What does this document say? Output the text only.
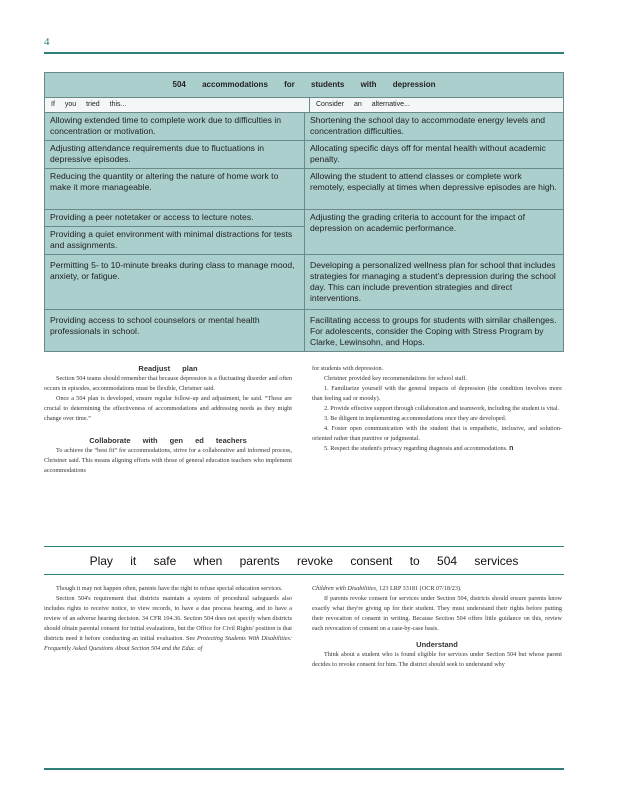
4
504 accommodations for students with depression
If you tried this...	Consider an alternative...
Allowing extended time to complete work due to difficulties in concentration or motivation.
Shortening the school day to accommodate energy levels and concentration difficulties.
Adjusting attendance requirements due to fluctuations in depressive episodes.
Allocating specific days off for mental health without academic penalty.
Reducing the quantity or altering the nature of home work to make it more manageable.
Allowing the student to attend classes or complete work remotely, especially at times when depressive episodes are high.
Providing a peer notetaker or access to lecture notes.	Adjusting the grading criteria to account for the impact of depression on academic performance.
Providing a quiet environment with minimal distractions for tests and assignments.
Permitting 5- to 10-minute breaks during class to manage mood, anxiety, or fatigue.
Developing a personalized wellness plan for school that includes strategies for managing a student's depression during the school day. This can include prevention strategies and direct interventions.
Providing access to school counselors or mental health professionals in school.
Facilitating access to groups for students with similar challenges. For adolescents, consider the Coping with Stress Program by Clarke, Lewinsohn, and Hops.

Readjust plan

Section 504 teams should remember that because depression is a fluctuating disorder and often occurs in episodes, accommodations must be flexible, Christner said.

Once a 504 plan is developed, ensure regular follow-up and adjustment, he said. “These are crucial to determining the effectiveness of accommodations and addressing needs as they might change over time.”

Collaborate with gen ed teachers

To achieve the “best fit” for accommodations, strive for a collaborative and informed process, Christner said. This means aligning efforts with those of general education teachers who implement accommodations

for students with depression.

Christner provided key recommendations for school staff.

1. Familiarize yourself with the general impacts of depression (the condition involves more than feeling sad or moody).

2. Provide effective support through collaboration and teamwork, including the student is vital.

3. Be diligent in implementing accommodations once they are developed.

4. Foster open communication with the student that is empathetic, inclusive, and solution-oriented rather than punitive or judgmental.

5. Respect the student's privacy regarding diagnosis and accommodations. n

Play it safe when parents revoke consent to 504 services

Though it may not happen often, parents have the right to refuse special education services.

Section 504's requirement that districts maintain a system of procedural safeguards also includes rights to receive notice, to view records, to have a due process hearing, and to have a review of an adverse hearing decision. 34 CFR 104.36. Section 504 does not specify when districts should obtain parental consent for initial evaluations, but the Office for Civil Rights' position is that districts need it before conducting an initial evaluation. See Protecting Students With Disabilities: Frequently Asked Questions About Section 504 and the Educ. of

Children with Disabilities, 123 LRP 33181 (OCR 07/18/23).

If parents revoke consent for services under Section 504, districts should ensure parents know exactly what they're giving up for their student. They must understand their rights before putting their revocation of consent in writing. Because Section 504 offers little guidance on this, review each revocation of consent on a case-by-case basis.

Understand

Think about a student who is found eligible for services under Section 504 but whose parent decides to revoke consent for him. The district should seek to understand why
